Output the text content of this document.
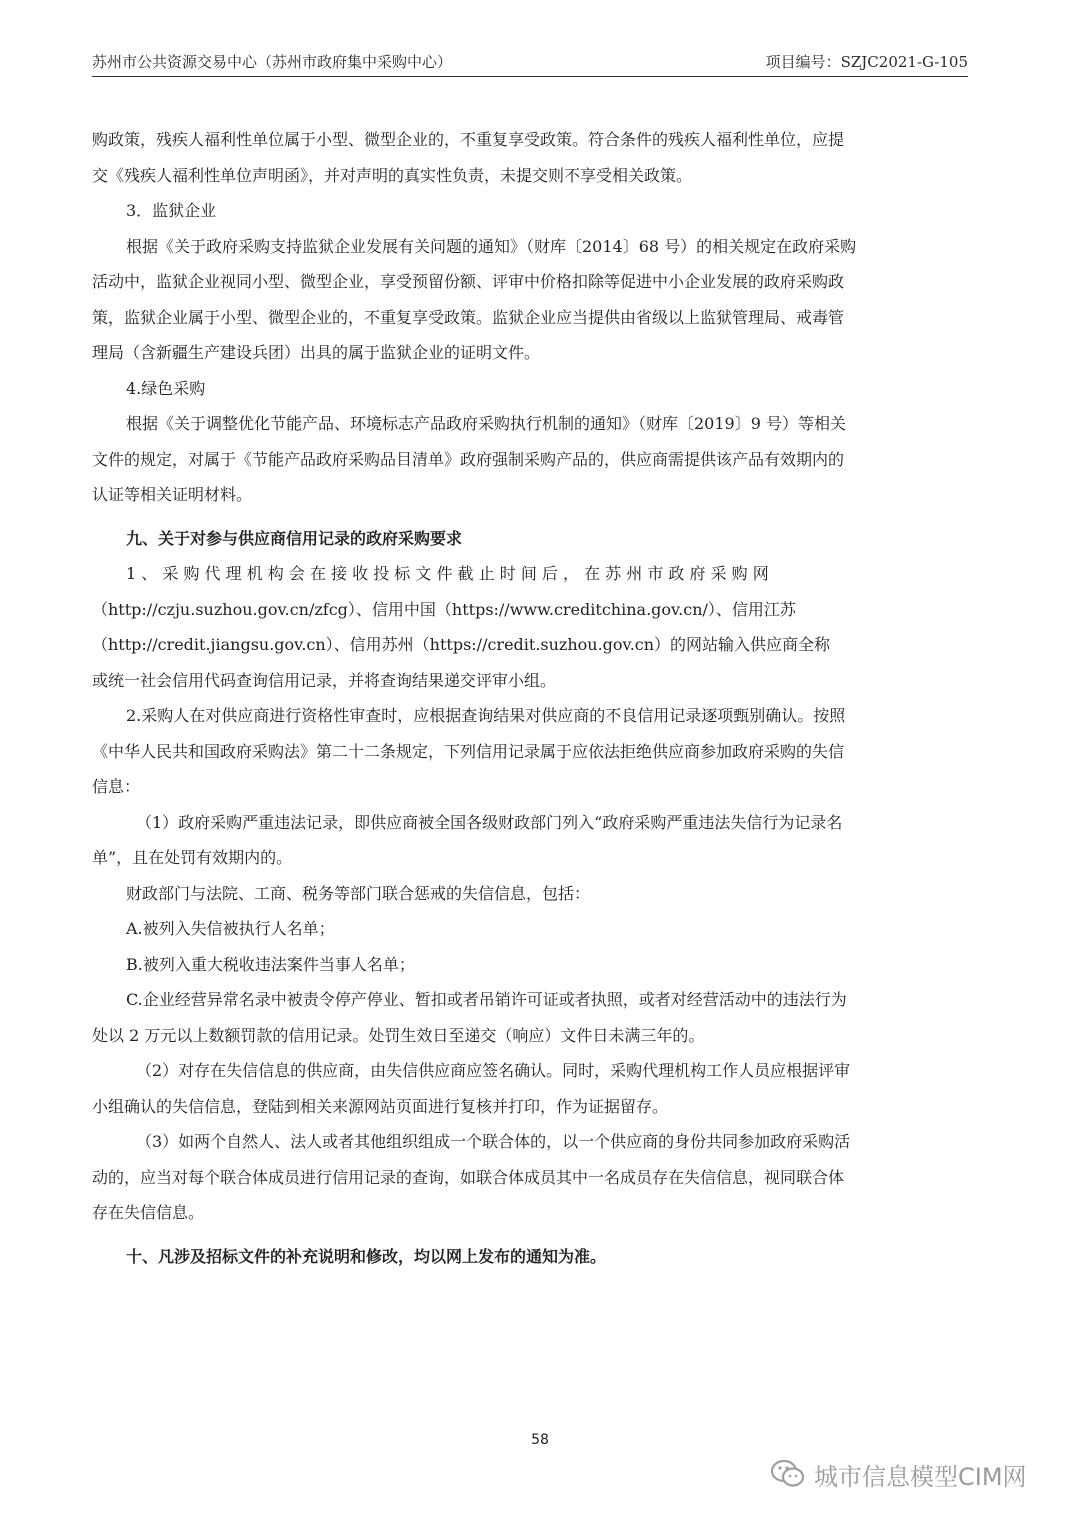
苏州市公共资源交易中心（苏州市政府集中采购中心）	项目编号：SZJC2021-G-105

购政策，残疾人福利性单位属于小型、微型企业的，不重复享受政策。符合条件的残疾人福利性单位，应提

交《残疾人福利性单位声明函》，并对声明的真实性负责，未提交则不享受相关政策。

3．监狱企业

根据《关于政府采购支持监狱企业发展有关问题的通知》（财库〔2014〕68 号）的相关规定在政府采购

活动中，监狱企业视同小型、微型企业，享受预留份额、评审中价格扣除等促进中小企业发展的政府采购政

策，监狱企业属于小型、微型企业的，不重复享受政策。监狱企业应当提供由省级以上监狱管理局、戒毒管

理局（含新疆生产建设兵团）出具的属于监狱企业的证明文件。

4.绿色采购

根据《关于调整优化节能产品、环境标志产品政府采购执行机制的通知》（财库〔2019〕9 号）等相关

文件的规定，对属于《节能产品政府采购品目清单》政府强制采购产品的，供应商需提供该产品有效期内的

认证等相关证明材料。

九、关于对参与供应商信用记录的政府采购要求

1 、 采 购 代 理 机 构 会 在 接 收 投 标 文 件 截 止 时 间 后 ， 在 苏 州 市 政 府 采 购 网

（http://czju.suzhou.gov.cn/zfcg）、信用中国（https://www.creditchina.gov.cn/）、信用江苏

（http://credit.jiangsu.gov.cn）、信用苏州（https://credit.suzhou.gov.cn）的网站输入供应商全称

或统一社会信用代码查询信用记录，并将查询结果递交评审小组。

2.采购人在对供应商进行资格性审查时，应根据查询结果对供应商的不良信用记录逐项甄别确认。按照

《中华人民共和国政府采购法》第二十二条规定，下列信用记录属于应依法拒绝供应商参加政府采购的失信

信息：

（1）政府采购严重违法记录，即供应商被全国各级财政部门列入“政府采购严重违法失信行为记录名

单”，且在处罚有效期内的。

财政部门与法院、工商、税务等部门联合惩戒的失信信息，包括：

A.被列入失信被执行人名单；

B.被列入重大税收违法案件当事人名单；

C.企业经营异常名录中被责令停产停业、暂扣或者吊销许可证或者执照，或者对经营活动中的违法行为

处以 2 万元以上数额罚款的信用记录。处罚生效日至递交（响应）文件日未满三年的。

（2）对存在失信信息的供应商，由失信供应商应签名确认。同时，采购代理机构工作人员应根据评审

小组确认的失信信息，登陆到相关来源网站页面进行复核并打印，作为证据留存。

（3）如两个自然人、法人或者其他组织组成一个联合体的，以一个供应商的身份共同参加政府采购活

动的，应当对每个联合体成员进行信用记录的查询，如联合体成员其中一名成员存在失信信息，视同联合体

存在失信信息。

十、凡涉及招标文件的补充说明和修改，均以网上发布的通知为准。

58
城市信息模型CIM网
